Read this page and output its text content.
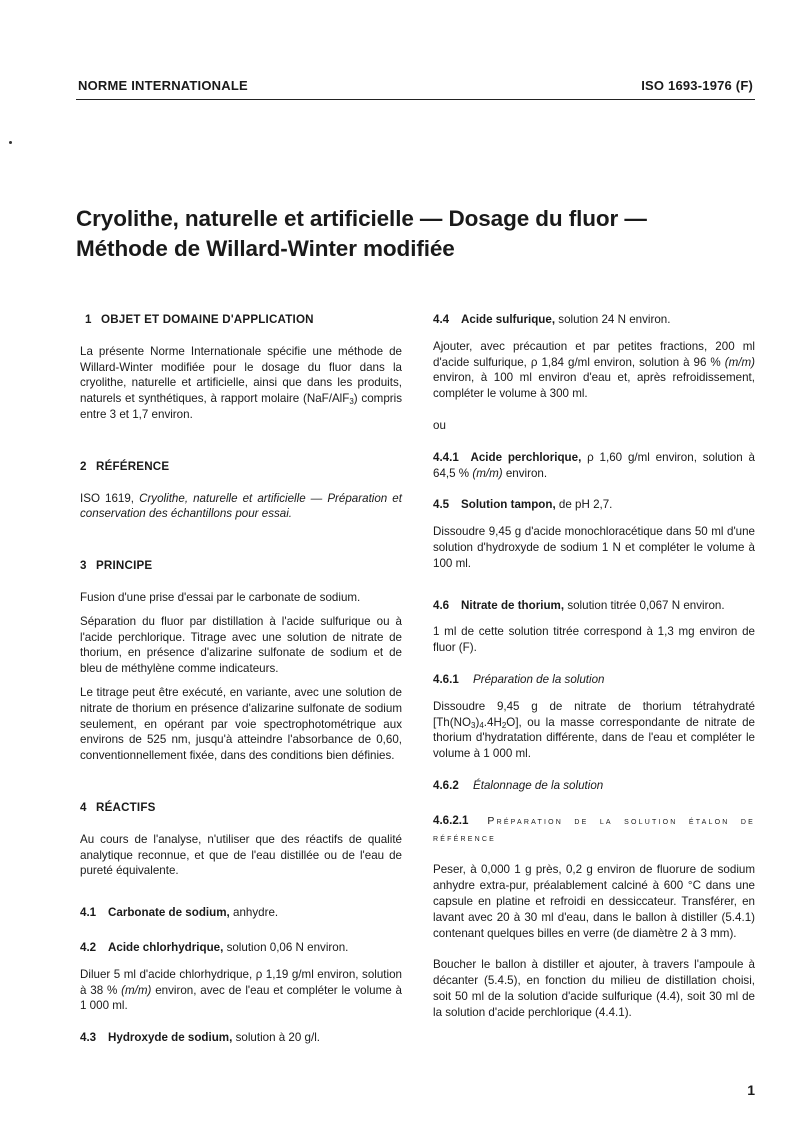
NORME INTERNATIONALE	ISO 1693-1976 (F)
Cryolithe, naturelle et artificielle — Dosage du fluor —
Méthode de Willard-Winter modifiée
1 OBJET ET DOMAINE D'APPLICATION

La présente Norme Internationale spécifie une méthode de Willard-Winter modifiée pour le dosage du fluor dans la cryolithe, naturelle et artificielle, ainsi que dans les produits, naturels et synthétiques, à rapport molaire (NaF/AlF$_3$) compris entre 3 et 1,7 environ.

2 RÉFÉRENCE

ISO 1619, Cryolithe, naturelle et artificielle — Préparation et conservation des échantillons pour essai.

3 PRINCIPE

Fusion d'une prise d'essai par le carbonate de sodium.

Séparation du fluor par distillation à l'acide sulfurique ou à l'acide perchlorique. Titrage avec une solution de nitrate de thorium, en présence d'alizarine sulfonate de sodium et de bleu de méthylène comme indicateurs.

Le titrage peut être exécuté, en variante, avec une solution de nitrate de thorium en présence d'alizarine sulfonate de sodium seulement, en opérant par voie spectrophotométrique aux environs de 525 nm, jusqu'à atteindre l'absorbance de 0,60, conventionnellement fixée, dans des conditions bien définies.

4 RÉACTIFS

Au cours de l'analyse, n'utiliser que des réactifs de qualité analytique reconnue, et que de l'eau distillée ou de l'eau de pureté équivalente.

4.1 Carbonate de sodium, anhydre.
4.2 Acide chlorhydrique, solution 0,06 N environ.

Diluer 5 ml d'acide chlorhydrique, ρ 1,19 g/ml environ, solution à 38 % (m/m) environ, avec de l'eau et compléter le volume à 1 000 ml.

4.3 Hydroxyde de sodium, solution à 20 g/l.
4.4 Acide sulfurique, solution 24 N environ.

Ajouter, avec précaution et par petites fractions, 200 ml d'acide sulfurique, ρ 1,84 g/ml environ, solution à 96 % (m/m) environ, à 100 ml environ d'eau et, après refroidissement, compléter le volume à 300 ml.

ou

4.4.1 Acide perchlorique, ρ 1,60 g/ml environ, solution à 64,5 % (m/m) environ.

4.5 Solution tampon, de pH 2,7.

Dissoudre 9,45 g d'acide monochloracétique dans 50 ml d'une solution d'hydroxyde de sodium 1 N et compléter le volume à 100 ml.

4.6 Nitrate de thorium, solution titrée 0,067 N environ.

1 ml de cette solution titrée correspond à 1,3 mg environ de fluor (F).

4.6.1 Préparation de la solution

Dissoudre 9,45 g de nitrate de thorium tétrahydraté $[Th(NO_3)_4.4H_2O]$, ou la masse correspondante de nitrate de thorium d'hydratation différente, dans de l'eau et compléter le volume à 1 000 ml.

4.6.2 Étalonnage de la solution

4.6.2.1 Préparation de la solution étalon de référence

Peser, à 0,000 1 g près, 0,2 g environ de fluorure de sodium anhydre extra-pur, préalablement calciné à 600 °C dans une capsule en platine et refroidi en dessiccateur. Transférer, en lavant avec 20 à 30 ml d'eau, dans le ballon à distiller (5.4.1) contenant quelques billes en verre (de diamètre 2 à 3 mm).

Boucher le ballon à distiller et ajouter, à travers l'ampoule à décanter (5.4.5), en fonction du milieu de distillation choisi, soit 50 ml de la solution d'acide sulfurique (4.4), soit 30 ml de la solution d'acide perchlorique (4.4.1).

1
